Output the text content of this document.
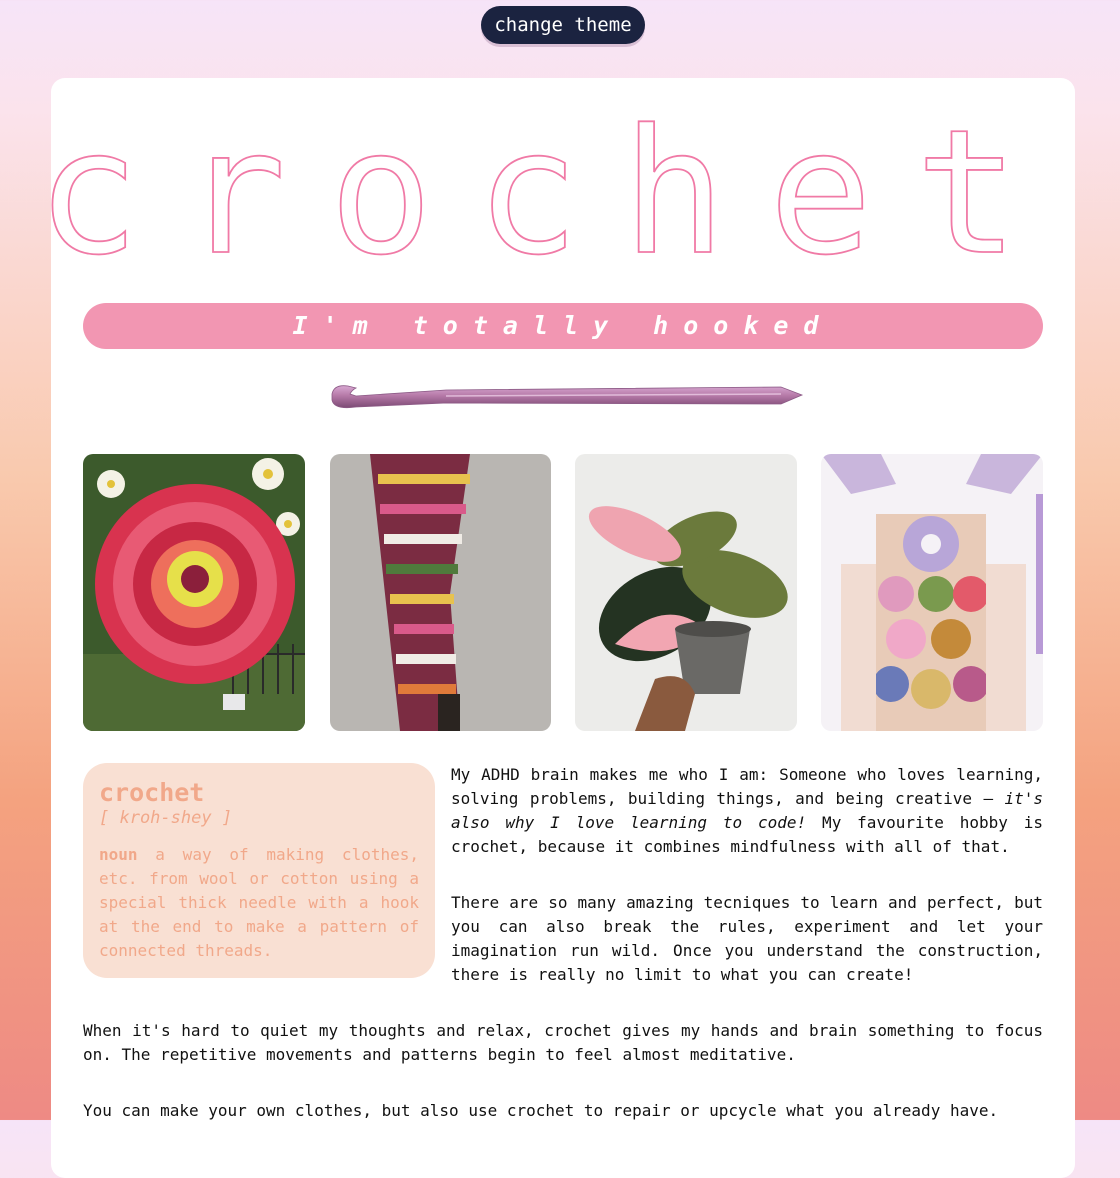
change theme
crochet
I'm totally hooked
crochet
[ kroh-shey ]
noun a way of making clothes, etc. from wool or cotton using a special thick needle with a hook at the end to make a pattern of connected threads.
My ADHD brain makes me who I am: Someone who loves learning, solving problems, building things, and being creative – it's also why I love learning to code! My favourite hobby is crochet, because it combines mindfulness with all of that.
There are so many amazing tecniques to learn and perfect, but you can also break the rules, experiment and let your imagination run wild. Once you understand the construction, there is really no limit to what you can create!
When it's hard to quiet my thoughts and relax, crochet gives my hands and brain something to focus on. The repetitive movements and patterns begin to feel almost meditative.
You can make your own clothes, but also use crochet to repair or upcycle what you already have.
